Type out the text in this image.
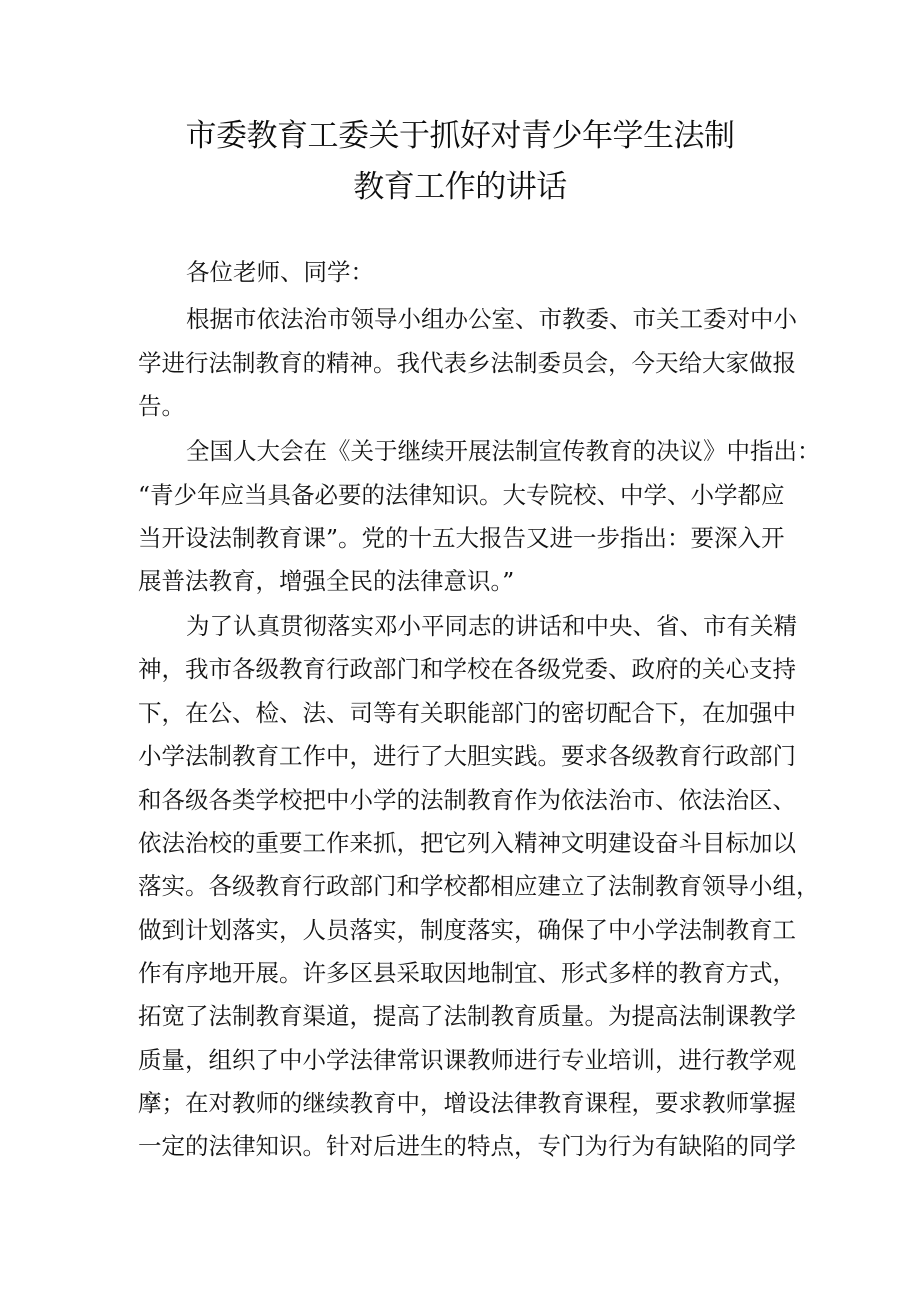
市委教育工委关于抓好对青少年学生法制
教育工作的讲话
各位老师、同学：
根据市依法治市领导小组办公室、市教委、市关工委对中小
学进行法制教育的精神。我代表乡法制委员会，今天给大家做报
告。
全国人大会在《关于继续开展法制宣传教育的决议》中指出：
“青少年应当具备必要的法律知识。大专院校、中学、小学都应
当开设法制教育课”。党的十五大报告又进一步指出：要深入开
展普法教育，增强全民的法律意识。”
为了认真贯彻落实邓小平同志的讲话和中央、省、市有关精
神，我市各级教育行政部门和学校在各级党委、政府的关心支持
下，在公、检、法、司等有关职能部门的密切配合下，在加强中
小学法制教育工作中，进行了大胆实践。要求各级教育行政部门
和各级各类学校把中小学的法制教育作为依法治市、依法治区、
依法治校的重要工作来抓，把它列入精神文明建设奋斗目标加以
落实。各级教育行政部门和学校都相应建立了法制教育领导小组，
做到计划落实，人员落实，制度落实，确保了中小学法制教育工
作有序地开展。许多区县采取因地制宜、形式多样的教育方式，
拓宽了法制教育渠道，提高了法制教育质量。为提高法制课教学
质量，组织了中小学法律常识课教师进行专业培训，进行教学观
摩；在对教师的继续教育中，增设法律教育课程，要求教师掌握
一定的法律知识。针对后进生的特点，专门为行为有缺陷的同学
